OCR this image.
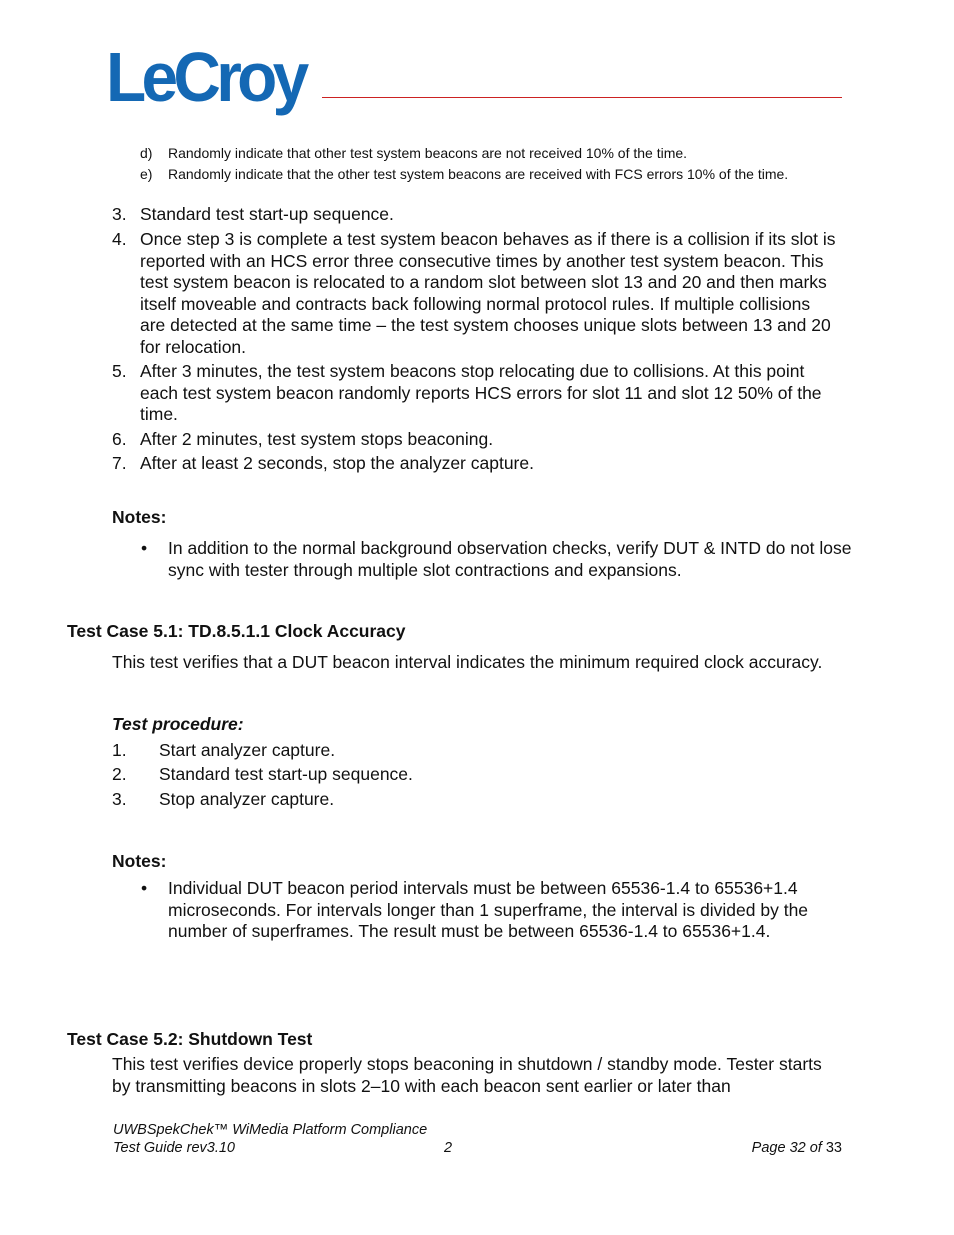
LeCroy
d) Randomly indicate that other test system beacons are not received 10% of the time.
e) Randomly indicate that the other test system beacons are received with FCS errors 10% of the time.
3. Standard test start-up sequence.
4. Once step 3 is complete a test system beacon behaves as if there is a collision if its slot is reported with an HCS error three consecutive times by another test system beacon. This test system beacon is relocated to a random slot between slot 13 and 20 and then marks itself moveable and contracts back following normal protocol rules. If multiple collisions are detected at the same time – the test system chooses unique slots between 13 and 20 for relocation.
5. After 3 minutes, the test system beacons stop relocating due to collisions. At this point each test system beacon randomly reports HCS errors for slot 11 and slot 12 50% of the time.
6. After 2 minutes, test system stops beaconing.
7. After at least 2 seconds, stop the analyzer capture.
Notes:
• In addition to the normal background observation checks, verify DUT & INTD do not lose sync with tester through multiple slot contractions and expansions.
Test Case 5.1: TD.8.5.1.1 Clock Accuracy
This test verifies that a DUT beacon interval indicates the minimum required clock accuracy.
Test procedure:
1. Start analyzer capture.
2. Standard test start-up sequence.
3. Stop analyzer capture.
Notes:
• Individual DUT beacon period intervals must be between 65536-1.4 to 65536+1.4 microseconds. For intervals longer than 1 superframe, the interval is divided by the number of superframes. The result must be between 65536-1.4 to 65536+1.4.
Test Case 5.2: Shutdown Test
This test verifies device properly stops beaconing in shutdown / standby mode. Tester starts by transmitting beacons in slots 2–10 with each beacon sent earlier or later than
UWBSpekChek™ WiMedia Platform Compliance
Test Guide rev3.10	2	Page 32 of 33
